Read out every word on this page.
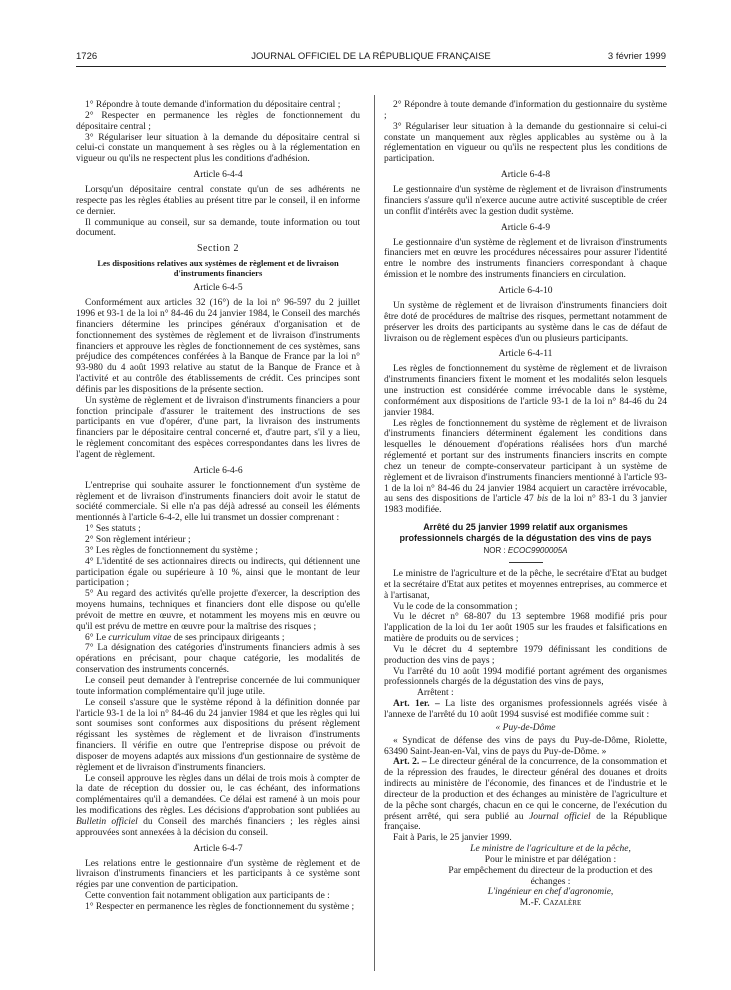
1726	JOURNAL OFFICIEL DE LA RÉPUBLIQUE FRANÇAISE	3 février 1999

1° Répondre à toute demande d'information du dépositaire central ;

2° Respecter en permanence les règles de fonctionnement du dépositaire central ;

3° Régulariser leur situation à la demande du dépositaire central si celui-ci constate un manquement à ses règles ou à la réglementation en vigueur ou qu'ils ne respectent plus les conditions d'adhésion.

Article 6-4-4

Lorsqu'un dépositaire central constate qu'un de ses adhérents ne respecte pas les règles établies au présent titre par le conseil, il en informe ce dernier.

Il communique au conseil, sur sa demande, toute information ou tout document.

Section 2
Les dispositions relatives aux systèmes de règlement et de livraison d'instruments financiers
Article 6-4-5

Conformément aux articles 32 (16°) de la loi n° 96-597 du 2 juillet 1996 et 93-1 de la loi n° 84-46 du 24 janvier 1984, le Conseil des marchés financiers détermine les principes généraux d'organisation et de fonctionnement des systèmes de règlement et de livraison d'instruments financiers et approuve les règles de fonctionnement de ces systèmes, sans préjudice des compétences conférées à la Banque de France par la loi n° 93-980 du 4 août 1993 relative au statut de la Banque de France et à l'activité et au contrôle des établissements de crédit. Ces principes sont définis par les dispositions de la présente section.

Un système de règlement et de livraison d'instruments financiers a pour fonction principale d'assurer le traitement des instructions de ses participants en vue d'opérer, d'une part, la livraison des instruments financiers par le dépositaire central concerné et, d'autre part, s'il y a lieu, le règlement concomitant des espèces correspondantes dans les livres de l'agent de règlement.

Article 6-4-6

L'entreprise qui souhaite assurer le fonctionnement d'un système de règlement et de livraison d'instruments financiers doit avoir le statut de société commerciale. Si elle n'a pas déjà adressé au conseil les éléments mentionnés à l'article 6-4-2, elle lui transmet un dossier comprenant :

1° Ses statuts ;

2° Son règlement intérieur ;

3° Les règles de fonctionnement du système ;

4° L'identité de ses actionnaires directs ou indirects, qui détiennent une participation égale ou supérieure à 10 %, ainsi que le montant de leur participation ;

5° Au regard des activités qu'elle projette d'exercer, la description des moyens humains, techniques et financiers dont elle dispose ou qu'elle prévoit de mettre en œuvre, et notamment les moyens mis en œuvre ou qu'il est prévu de mettre en œuvre pour la maîtrise des risques ;

6° Le curriculum vitae de ses principaux dirigeants ;

7° La désignation des catégories d'instruments financiers admis à ses opérations en précisant, pour chaque catégorie, les modalités de conservation des instruments concernés.

Le conseil peut demander à l'entreprise concernée de lui communiquer toute information complémentaire qu'il juge utile.

Le conseil s'assure que le système répond à la définition donnée par l'article 93-1 de la loi n° 84-46 du 24 janvier 1984 et que les règles qui lui sont soumises sont conformes aux dispositions du présent règlement régissant les systèmes de règlement et de livraison d'instruments financiers. Il vérifie en outre que l'entreprise dispose ou prévoit de disposer de moyens adaptés aux missions d'un gestionnaire de système de règlement et de livraison d'instruments financiers.

Le conseil approuve les règles dans un délai de trois mois à compter de la date de réception du dossier ou, le cas échéant, des informations complémentaires qu'il a demandées. Ce délai est ramené à un mois pour les modifications des règles. Les décisions d'approbation sont publiées au Bulletin officiel du Conseil des marchés financiers ; les règles ainsi approuvées sont annexées à la décision du conseil.

Article 6-4-7

Les relations entre le gestionnaire d'un système de règlement et de livraison d'instruments financiers et les participants à ce système sont régies par une convention de participation.

Cette convention fait notamment obligation aux participants de :

1° Respecter en permanence les règles de fonctionnement du système ;

2° Répondre à toute demande d'information du gestionnaire du système ;

3° Régulariser leur situation à la demande du gestionnaire si celui-ci constate un manquement aux règles applicables au système ou à la réglementation en vigueur ou qu'ils ne respectent plus les conditions de participation.

Article 6-4-8

Le gestionnaire d'un système de règlement et de livraison d'instruments financiers s'assure qu'il n'exerce aucune autre activité susceptible de créer un conflit d'intérêts avec la gestion dudit système.

Article 6-4-9

Le gestionnaire d'un système de règlement et de livraison d'instruments financiers met en œuvre les procédures nécessaires pour assurer l'identité entre le nombre des instruments financiers correspondant à chaque émission et le nombre des instruments financiers en circulation.

Article 6-4-10

Un système de règlement et de livraison d'instruments financiers doit être doté de procédures de maîtrise des risques, permettant notamment de préserver les droits des participants au système dans le cas de défaut de livraison ou de règlement espèces d'un ou plusieurs participants.

Article 6-4-11

Les règles de fonctionnement du système de règlement et de livraison d'instruments financiers fixent le moment et les modalités selon lesquels une instruction est considérée comme irrévocable dans le système, conformément aux dispositions de l'article 93-1 de la loi n° 84-46 du 24 janvier 1984.

Les règles de fonctionnement du système de règlement et de livraison d'instruments financiers déterminent également les conditions dans lesquelles le dénouement d'opérations réalisées hors d'un marché réglementé et portant sur des instruments financiers inscrits en compte chez un teneur de compte-conservateur participant à un système de règlement et de livraison d'instruments financiers mentionné à l'article 93-1 de la loi n° 84-46 du 24 janvier 1984 acquiert un caractère irrévocable, au sens des dispositions de l'article 47 bis de la loi n° 83-1 du 3 janvier 1983 modifiée.

Arrêté du 25 janvier 1999 relatif aux organismes professionnels chargés de la dégustation des vins de pays
NOR : ECOC9900005A

Le ministre de l'agriculture et de la pêche, le secrétaire d'Etat au budget et la secrétaire d'Etat aux petites et moyennes entreprises, au commerce et à l'artisanat,

Vu le code de la consommation ;

Vu le décret n° 68-807 du 13 septembre 1968 modifié pris pour l'application de la loi du 1er août 1905 sur les fraudes et falsifications en matière de produits ou de services ;

Vu le décret du 4 septembre 1979 définissant les conditions de production des vins de pays ;

Vu l'arrêté du 10 août 1994 modifié portant agrément des organismes professionnels chargés de la dégustation des vins de pays,

Arrêtent :

Art. 1er. – La liste des organismes professionnels agréés visée à l'annexe de l'arrêté du 10 août 1994 susvisé est modifiée comme suit :

« Puy-de-Dôme

« Syndicat de défense des vins de pays du Puy-de-Dôme, Riolette, 63490 Saint-Jean-en-Val, vins de pays du Puy-de-Dôme. »

Art. 2. – Le directeur général de la concurrence, de la consommation et de la répression des fraudes, le directeur général des douanes et droits indirects au ministère de l'économie, des finances et de l'industrie et le directeur de la production et des échanges au ministère de l'agriculture et de la pêche sont chargés, chacun en ce qui le concerne, de l'exécution du présent arrêté, qui sera publié au Journal officiel de la République française.

Fait à Paris, le 25 janvier 1999.

Le ministre de l'agriculture et de la pêche,

Pour le ministre et par délégation :

Par empêchement du directeur de la production et des échanges :

L'ingénieur en chef d'agronomie,

M.-F. Cazalère
